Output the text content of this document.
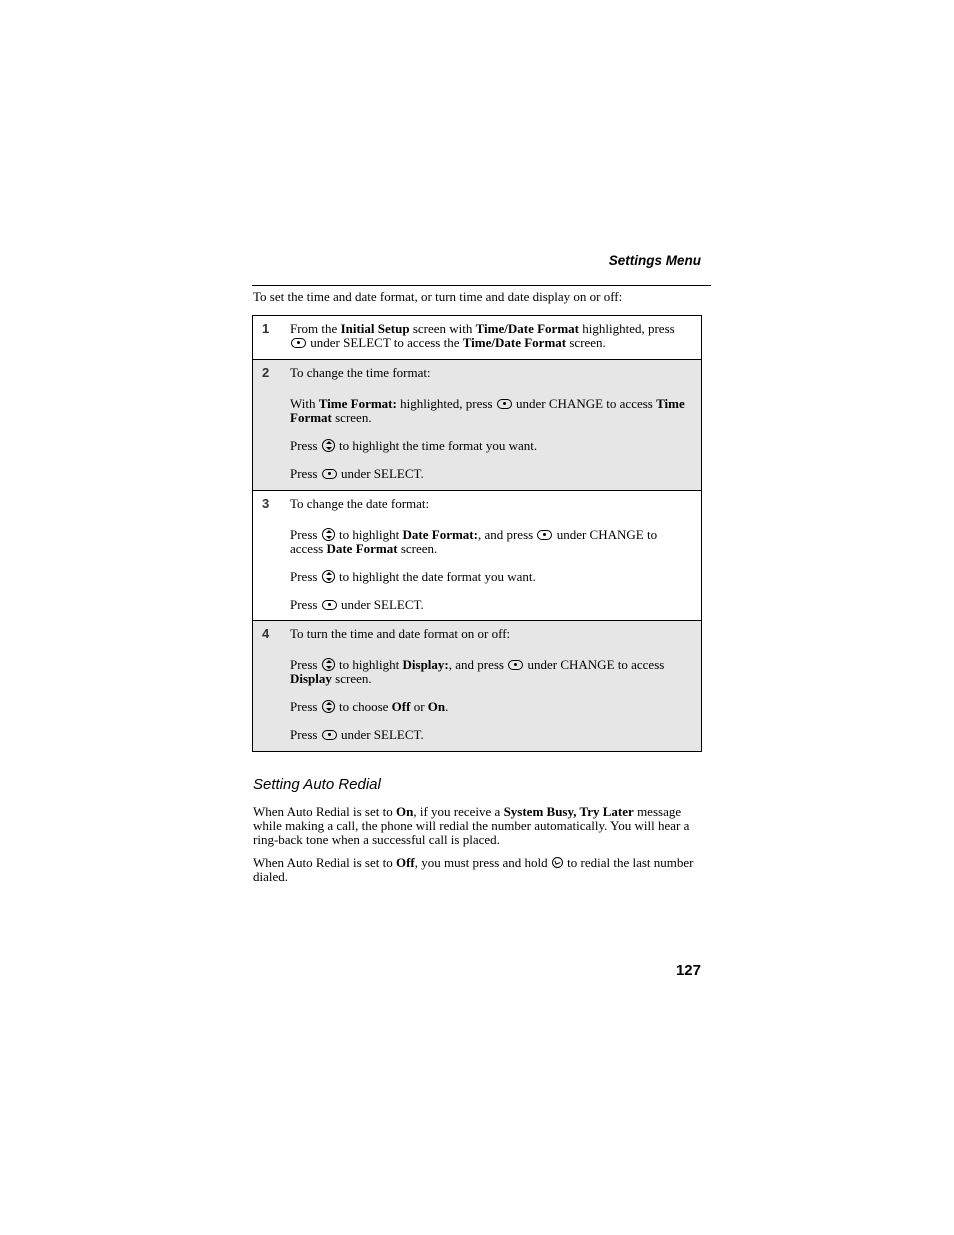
Settings Menu
To set the time and date format, or turn time and date display on or off:
1 From the Initial Setup screen with Time/Date Format highlighted, press  under SELECT to access the Time/Date Format screen.

2 To change the time format:

With Time Format: highlighted, press  under CHANGE to access Time Format screen.

Press  to highlight the time format you want.

Press  under SELECT.

3 To change the date format:

Press  to highlight Date Format:, and press  under CHANGE to access Date Format screen.

Press  to highlight the date format you want.

Press  under SELECT.

4 To turn the time and date format on or off:

Press  to highlight Display:, and press  under CHANGE to access Display screen.

Press  to choose Off or On.

Press  under SELECT.

Setting Auto Redial

When Auto Redial is set to On, if you receive a System Busy, Try Later message while making a call, the phone will redial the number automatically. You will hear a ring-back tone when a successful call is placed.

When Auto Redial is set to Off, you must press and hold  to redial the last number dialed.

127
